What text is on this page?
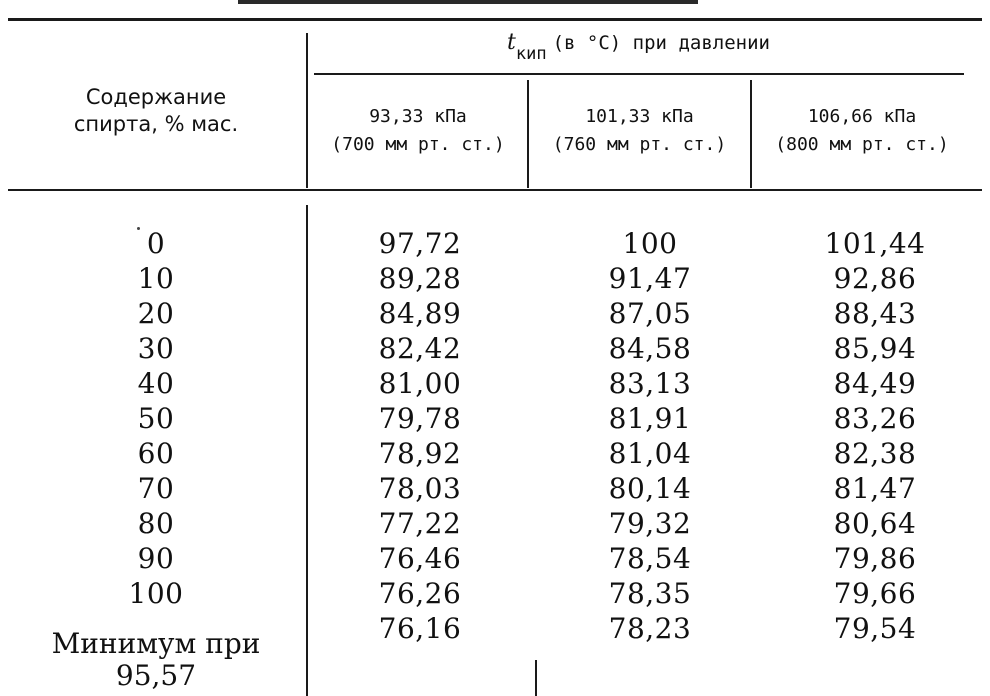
Содержание
спирта, % мас.
tкип (в °С) при давлении
93,33 кПа
(700 мм рт. ст.)
101,33 кПа
(760 мм рт. ст.)
106,66 кПа
(800 мм рт. ст.)
0
10
20
30
40
50
60
70
80
90
100
Минимум при
95,57
97,72
89,28
84,89
82,42
81,00
79,78
78,92
78,03
77,22
76,46
76,26
76,16
100
91,47
87,05
84,58
83,13
81,91
81,04
80,14
79,32
78,54
78,35
78,23
101,44
92,86
88,43
85,94
84,49
83,26
82,38
81,47
80,64
79,86
79,66
79,54
